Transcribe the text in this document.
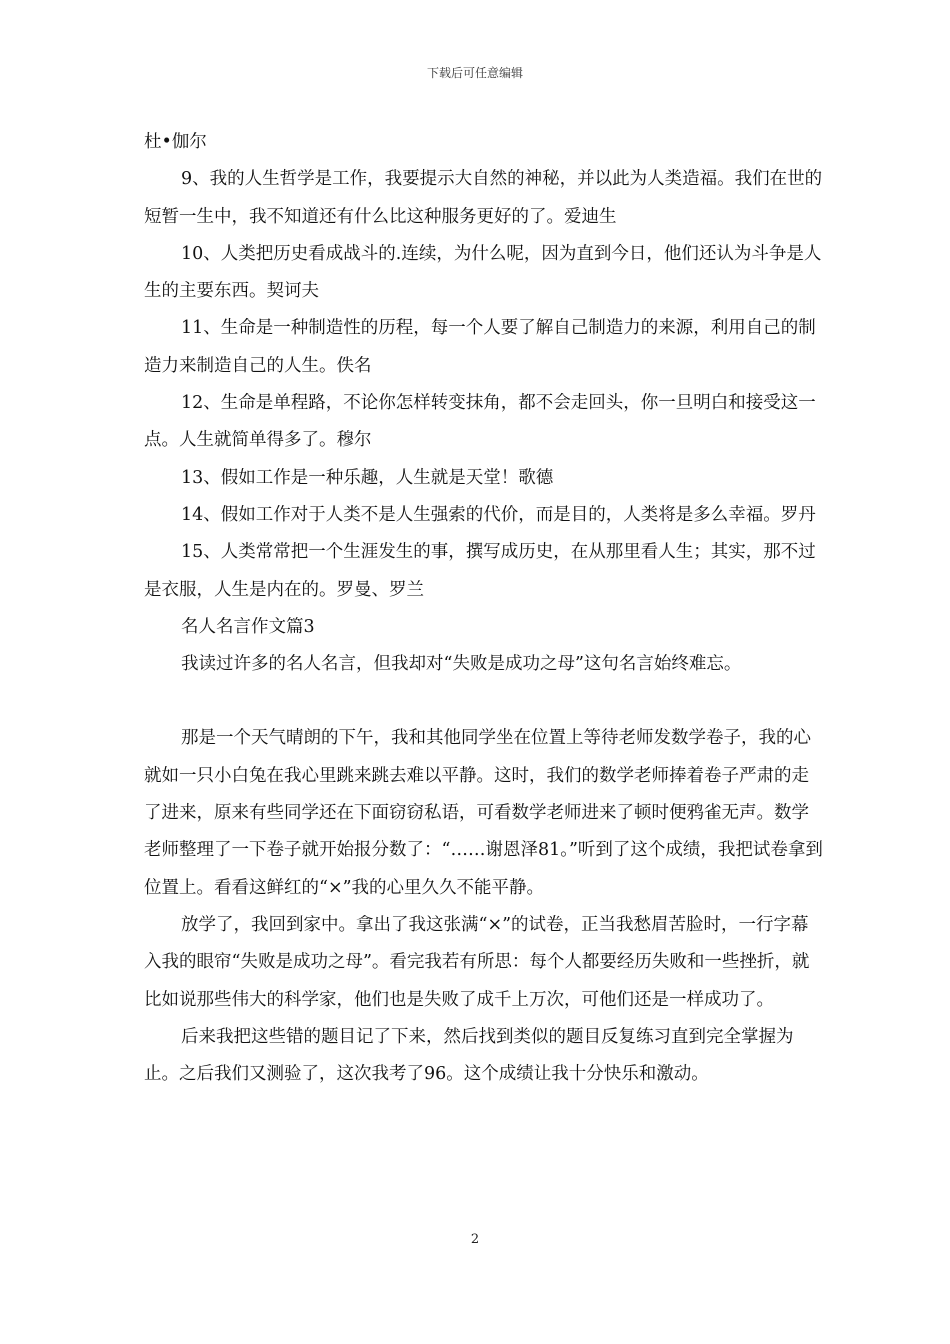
下载后可任意编辑

杜•伽尔

9、我的人生哲学是工作，我要提示大自然的神秘，并以此为人类造福。我们在世的短暂一生中，我不知道还有什么比这种服务更好的了。爱迪生

10、人类把历史看成战斗的.连续，为什么呢，因为直到今日，他们还认为斗争是人生的主要东西。契诃夫

11、生命是一种制造性的历程，每一个人要了解自己制造力的来源，利用自己的制造力来制造自己的人生。佚名

12、生命是单程路，不论你怎样转变抹角，都不会走回头，你一旦明白和接受这一点。人生就简单得多了。穆尔

13、假如工作是一种乐趣，人生就是天堂！歌德

14、假如工作对于人类不是人生强索的代价，而是目的，人类将是多么幸福。罗丹

15、人类常常把一个生涯发生的事，撰写成历史，在从那里看人生；其实，那不过是衣服，人生是内在的。罗曼、罗兰

名人名言作文篇3

我读过许多的名人名言，但我却对“失败是成功之母”这句名言始终难忘。

那是一个天气晴朗的下午，我和其他同学坐在位置上等待老师发数学卷子，我的心就如一只小白兔在我心里跳来跳去难以平静。这时，我们的数学老师捧着卷子严肃的走了进来，原来有些同学还在下面窃窃私语，可看数学老师进来了顿时便鸦雀无声。数学老师整理了一下卷子就开始报分数了：“……谢恩泽81。”听到了这个成绩，我把试卷拿到位置上。看看这鲜红的“×”我的心里久久不能平静。

放学了，我回到家中。拿出了我这张满“×”的试卷，正当我愁眉苦脸时，一行字幕入我的眼帘“失败是成功之母”。看完我若有所思：每个人都要经历失败和一些挫折，就比如说那些伟大的科学家，他们也是失败了成千上万次，可他们还是一样成功了。

后来我把这些错的题目记了下来，然后找到类似的题目反复练习直到完全掌握为止。之后我们又测验了，这次我考了96。这个成绩让我十分快乐和激动。

2
